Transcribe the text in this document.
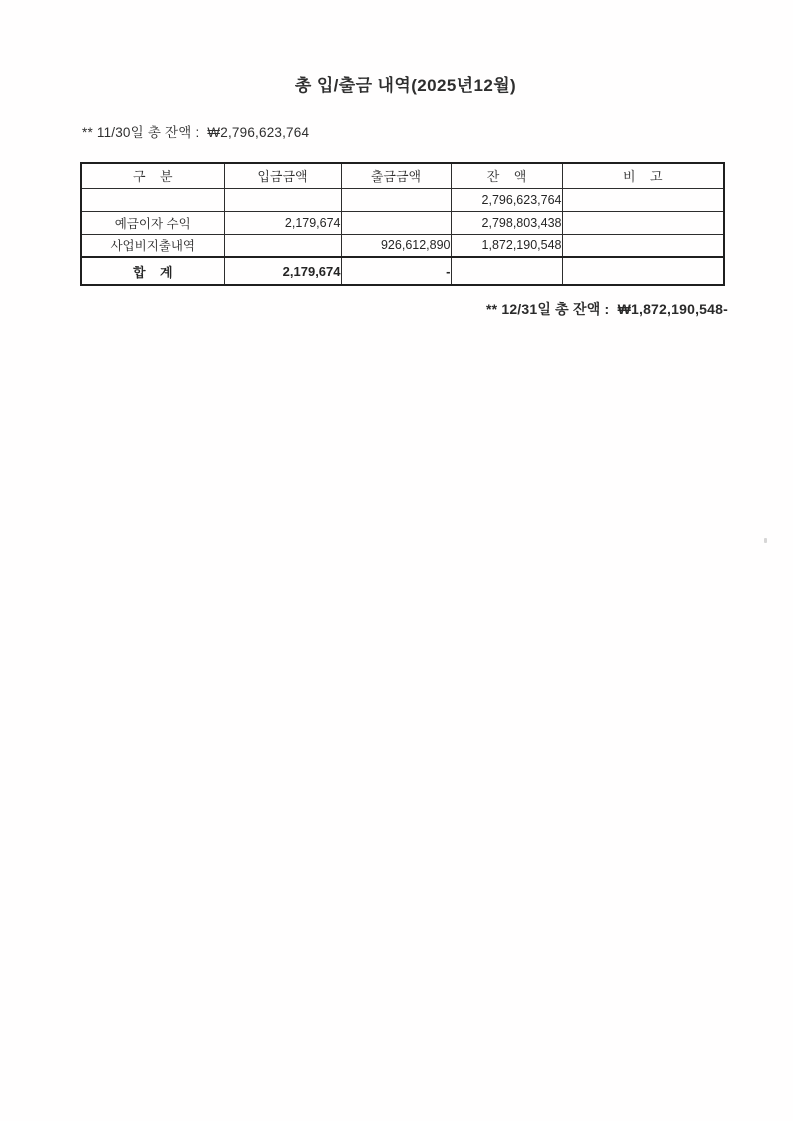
총 입/출금 내역(2025년12월)
** 11/30일 총 잔액 :  ₩2,796,623,764
구    분	입금금액	출금금액	잔    액	비    고
			2,796,623,764	
예금이자 수익	2,179,674		2,798,803,438	
사업비지출내역		926,612,890	1,872,190,548	
합    계	2,179,674	-		
** 12/31일 총 잔액 :  ₩1,872,190,548-
